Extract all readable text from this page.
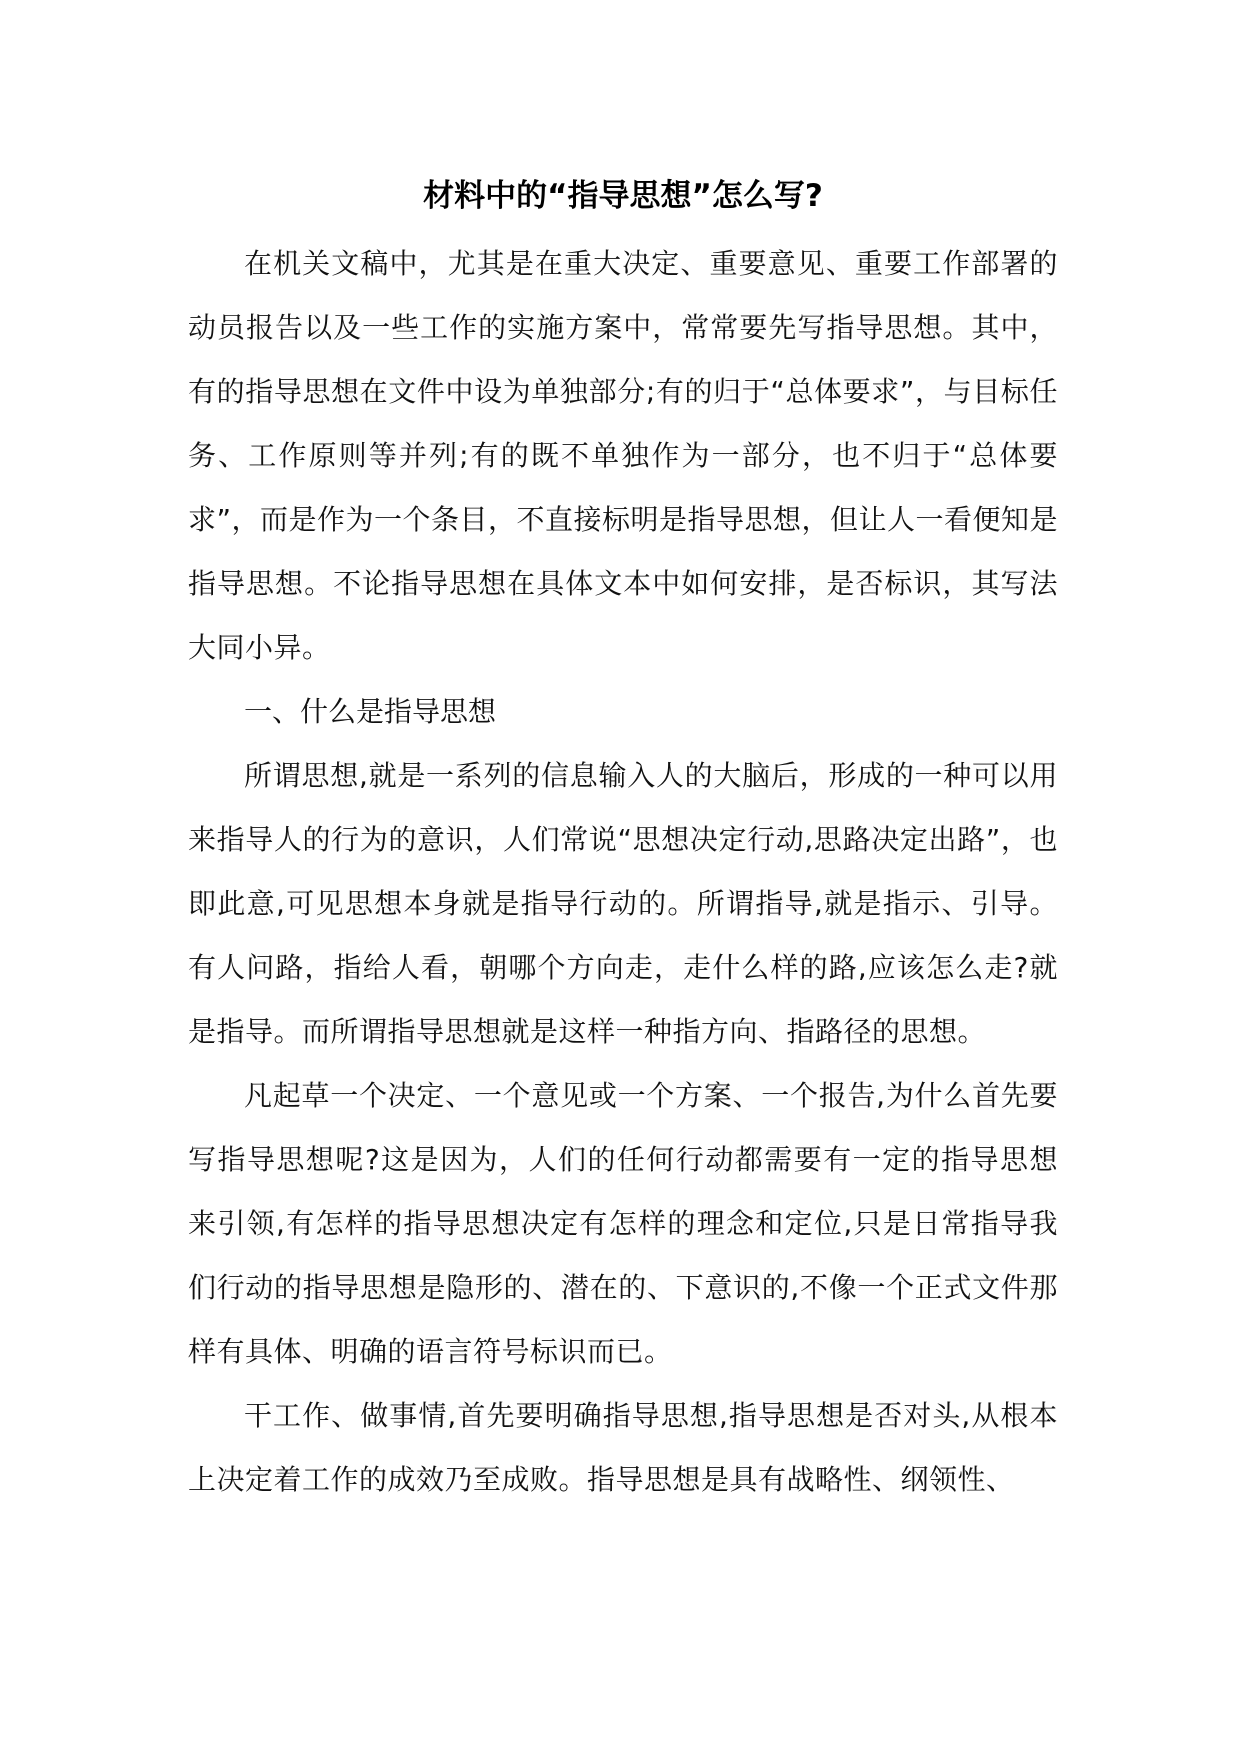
材料中的“指导思想”怎么写?

在机关文稿中，尤其是在重大决定、重要意见、重要工作部署的动员报告以及一些工作的实施方案中，常常要先写指导思想。其中，有的指导思想在文件中设为单独部分;有的归于“总体要求”，与目标任务、工作原则等并列;有的既不单独作为一部分，也不归于“总体要求”，而是作为一个条目，不直接标明是指导思想，但让人一看便知是指导思想。不论指导思想在具体文本中如何安排，是否标识，其写法大同小异。

一、什么是指导思想

所谓思想,就是一系列的信息输入人的大脑后，形成的一种可以用来指导人的行为的意识，人们常说“思想决定行动,思路决定出路”，也即此意,可见思想本身就是指导行动的。所谓指导,就是指示、引导。有人问路，指给人看，朝哪个方向走，走什么样的路,应该怎么走?就是指导。而所谓指导思想就是这样一种指方向、指路径的思想。

凡起草一个决定、一个意见或一个方案、一个报告,为什么首先要写指导思想呢?这是因为，人们的任何行动都需要有一定的指导思想来引领,有怎样的指导思想决定有怎样的理念和定位,只是日常指导我们行动的指导思想是隐形的、潜在的、下意识的,不像一个正式文件那样有具体、明确的语言符号标识而已。

干工作、做事情,首先要明确指导思想,指导思想是否对头,从根本上决定着工作的成效乃至成败。指导思想是具有战略性、纲领性、
